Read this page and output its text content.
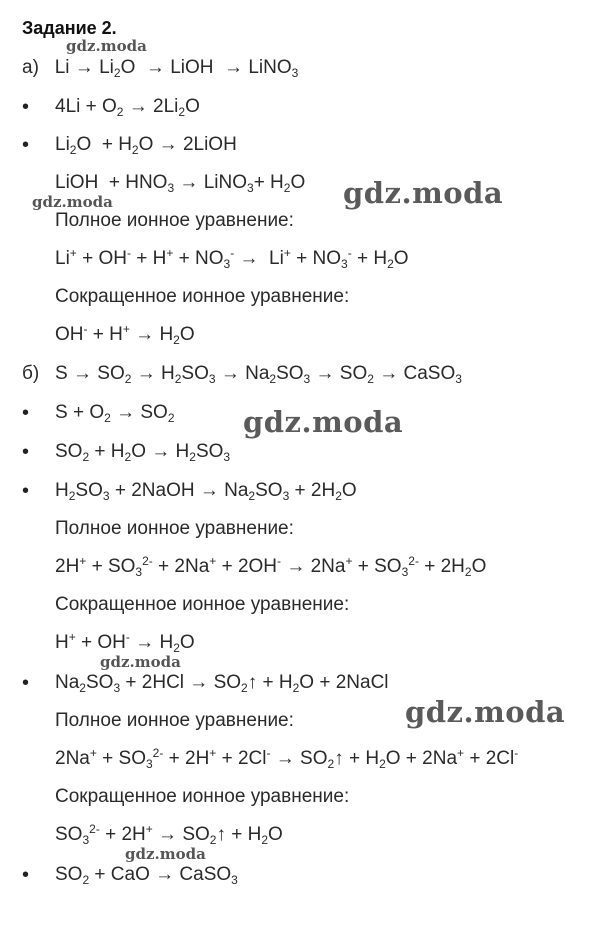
Задание 2.
а)   $Li \to Li_2O$  → LiOH  → LiNO$_3$
• $4Li + O_2 \to 2Li_2O$
• $Li_2O + H_2O$ → 2LiOH
LiOH  + $HNO_3$ → LiNO$_3$+ $H_2O$
Полное ионное уравнение:
$Li^+ + OH^- + H^+ + NO_3^- \to Li^+ + NO_3^- + H_2O$
Сокращенное ионное уравнение:
$OH^- + H^+ \to H_2O$
б)   $S \to SO_2 \to H_2SO_3 \to Na_2SO_3 \to SO_2$ → CaSO$_3$
• $S + O_2 \to SO_2$
• $SO_2 + H_2O \to H_2SO_3$
• $H_2SO_3$ + 2NaOH → $Na_2SO_3 + 2H_2O$
Полное ионное уравнение:
$2H^+ + SO_3^{2-} + 2Na^+ + 2OH^- \to 2Na^+ + SO_3^{2-} + 2H_2O$
Сокращенное ионное уравнение:
$H^+ + OH^- \to H_2O$
• $Na_2SO_3 + 2HCl$ → $SO_2↑ + H_2O$ + 2NaCl
Полное ионное уравнение:
$2Na^+ + SO_3^{2-} + 2H^+ + 2Cl^-$ → $SO_2↑ + H_2O + 2Na^+ + 2Cl^-$
Сокращенное ионное уравнение:
$SO_3^{2-} + 2H^+$ → $SO_2↑ + H_2O$
• $SO_2$ + CaO → CaSO$_3$
gdz.moda
gdz.moda	gdz.moda
gdz.moda
gdz.moda
gdz.moda
gdz.moda
